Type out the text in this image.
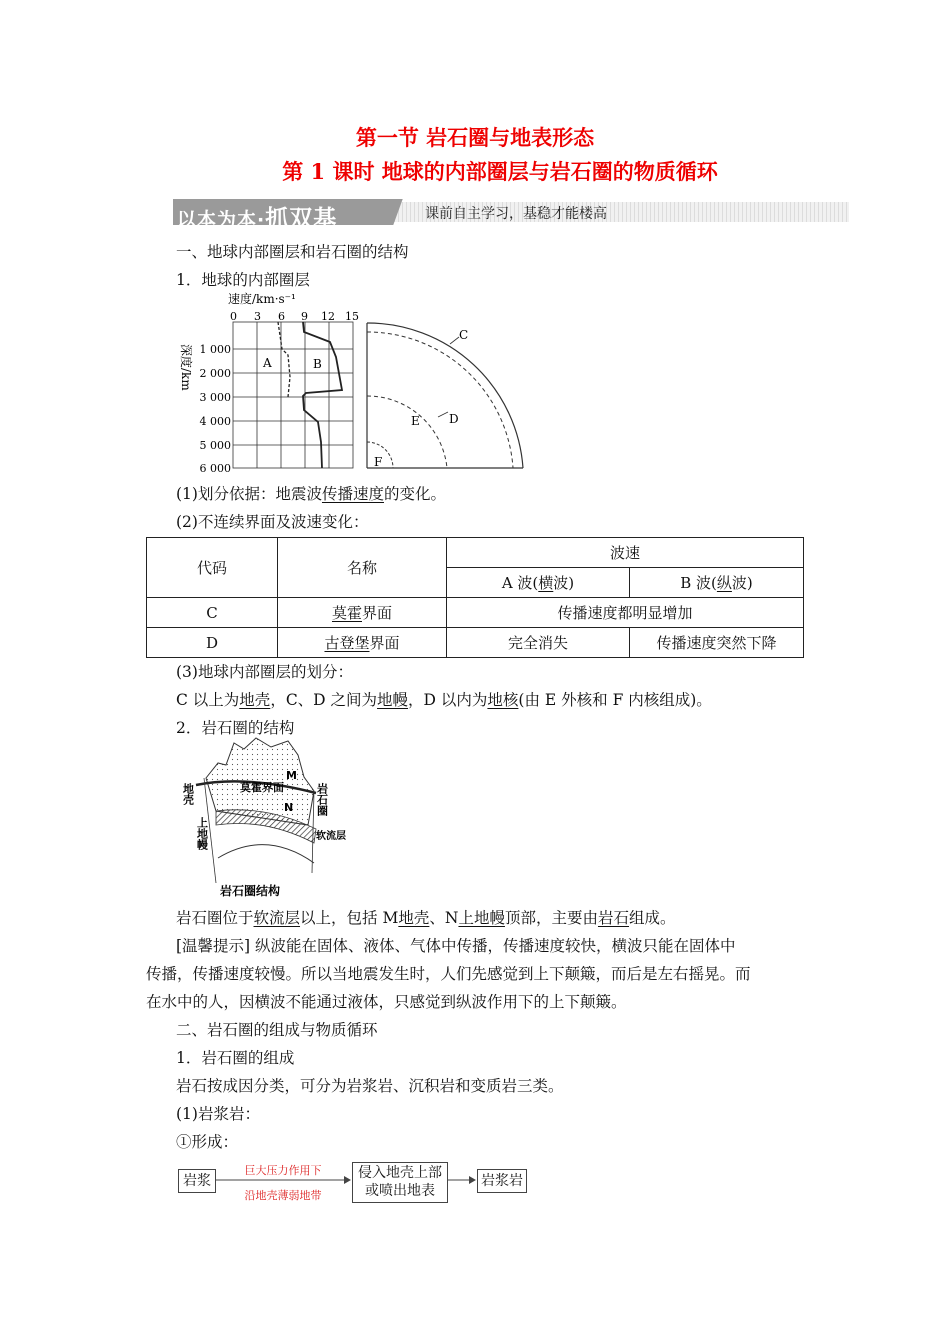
第一节 岩石圈与地表形态
第 1 课时 地球的内部圈层与岩石圈的物质循环
以本为本·抓双基	课前自主学习，基稳才能楼高
一、地球内部圈层和岩石圈的结构
1．地球的内部圈层
速度/km·s⁻¹
0 3 6 9 12 15
1 000
2 000
3 000
4 000
5 000
6 000
深度/km	A	B
C
D
E
F
(1)划分依据：地震波传播速度的变化。
(2)不连续界面及波速变化：
代码	名称	波速	
		A 波(横波)	B 波(纵波)
C	莫霍界面	传播速度都明显增加	
D	古登堡界面	完全消失	传播速度突然下降
(3)地球内部圈层的划分：
C 以上为地壳，C、D 之间为地幔，D 以内为地核(由 E 外核和 F 内核组成)。
2．岩石圈的结构
莫霍界面
M
N
地壳
上地幔
岩石圈
软流层
岩石圈结构
岩石圈位于软流层以上，包括 M地壳、N上地幔顶部，主要由岩石组成。
[温馨提示] 纵波能在固体、液体、气体中传播，传播速度较快，横波只能在固体中
传播，传播速度较慢。所以当地震发生时，人们先感觉到上下颠簸，而后是左右摇晃。而
在水中的人，因横波不能通过液体，只感觉到纵波作用下的上下颠簸。
二、岩石圈的组成与物质循环
1．岩石圈的组成
岩石按成因分类，可分为岩浆岩、沉积岩和变质岩三类。
(1)岩浆岩：
①形成：
岩浆
巨大压力作用下
沿地壳薄弱地带
侵入地壳上部
或喷出地表
岩浆岩
